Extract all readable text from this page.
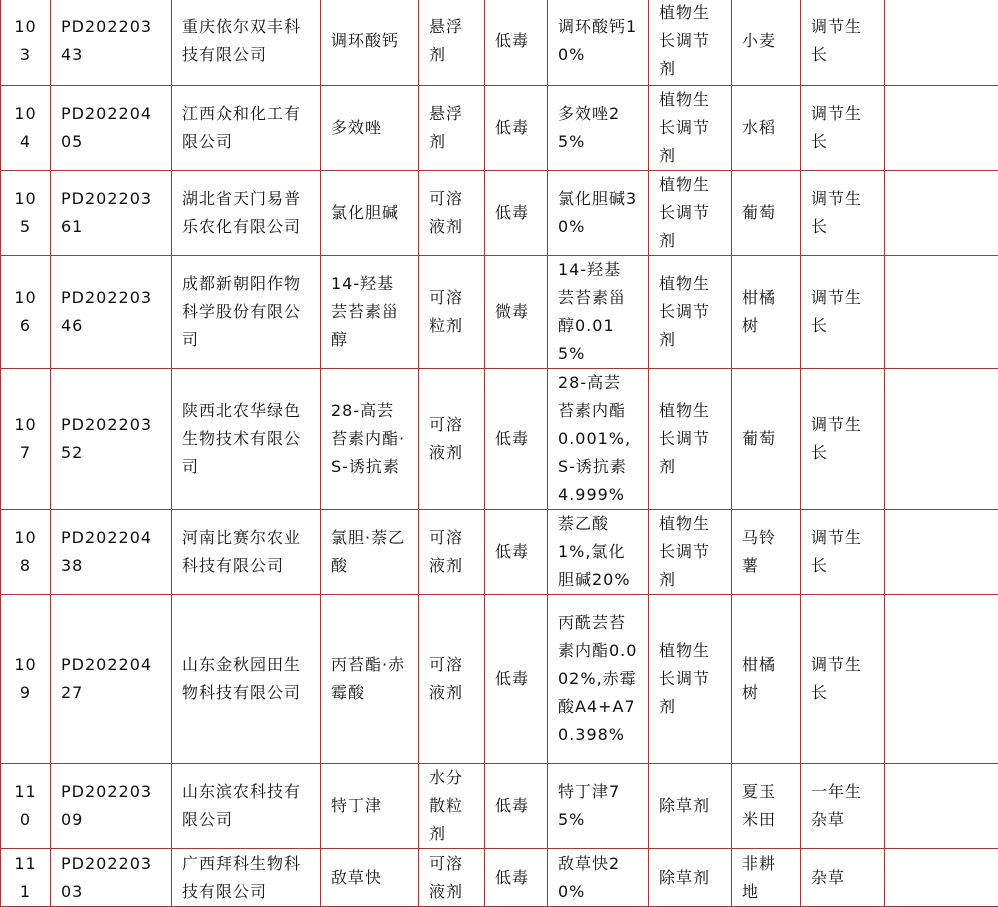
103	PD20220343	重庆依尔双丰科技有限公司	调环酸钙	悬浮剂	低毒	调环酸钙10%	植物生长调节剂	小麦	调节生长	
104	PD20220405	江西众和化工有限公司	多效唑	悬浮剂	低毒	多效唑25%	植物生长调节剂	水稻	调节生长	
105	PD20220361	湖北省天门易普乐农化有限公司	氯化胆碱	可溶液剂	低毒	氯化胆碱30%	植物生长调节剂	葡萄	调节生长	
106	PD20220346	成都新朝阳作物科学股份有限公司	14-羟基芸苔素甾醇	可溶粒剂	微毒	14-羟基芸苔素甾醇0.015%	植物生长调节剂	柑橘树	调节生长	
107	PD20220352	陕西北农华绿色生物技术有限公司	28-高芸苔素内酯·S-诱抗素	可溶液剂	低毒	28-高芸苔素内酯0.001%,S-诱抗素4.999%	植物生长调节剂	葡萄	调节生长	
108	PD20220438	河南比赛尔农业科技有限公司	氯胆·萘乙酸	可溶液剂	低毒	萘乙酸1%,氯化胆碱20%	植物生长调节剂	马铃薯	调节生长	
109	PD20220427	山东金秋园田生物科技有限公司	丙苔酯·赤霉酸	可溶液剂	低毒	丙酰芸苔素内酯0.002%,赤霉酸A4+A70.398%	植物生长调节剂	柑橘树	调节生长	
110	PD20220309	山东滨农科技有限公司	特丁津	水分散粒剂	低毒	特丁津75%	除草剂	夏玉米田	一年生杂草	
111	PD20220303	广西拜科生物科技有限公司	敌草快	可溶液剂	低毒	敌草快20%	除草剂	非耕地	杂草	
